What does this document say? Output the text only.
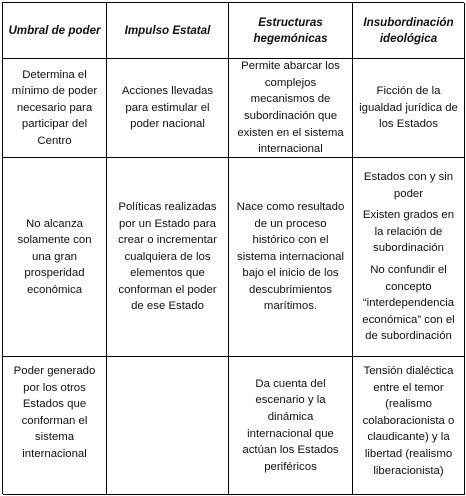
Umbral de poder	Impulso Estatal
Estructuras hegemónicas
Insubordinación ideológica
Determina el mínimo de poder necesario para participar del Centro
Acciones llevadas para estimular el poder nacional
Permite abarcar los complejos mecanismos de subordinación que existen en el sistema internacional
Ficción de la igualdad jurídica de los Estados
No alcanza solamente con una gran prosperidad económica
Políticas realizadas por un Estado para crear o incrementar cualquiera de los elementos que conforman el poder de ese Estado
Nace como resultado de un proceso histórico con el sistema internacional bajo el inicio de los descubrimientos marítimos.
Estados con y sin poder
Existen grados en la relación de subordinación
No confundir el concepto “interdependencia económica” con el de subordinación
Poder generado por los otros Estados que conforman el sistema internacional
Da cuenta del escenario y la dinámica internacional que actúan los Estados periféricos
Tensión dialéctica entre el temor (realismo colaboracionista o claudicante) y la libertad (realismo liberacionista)
